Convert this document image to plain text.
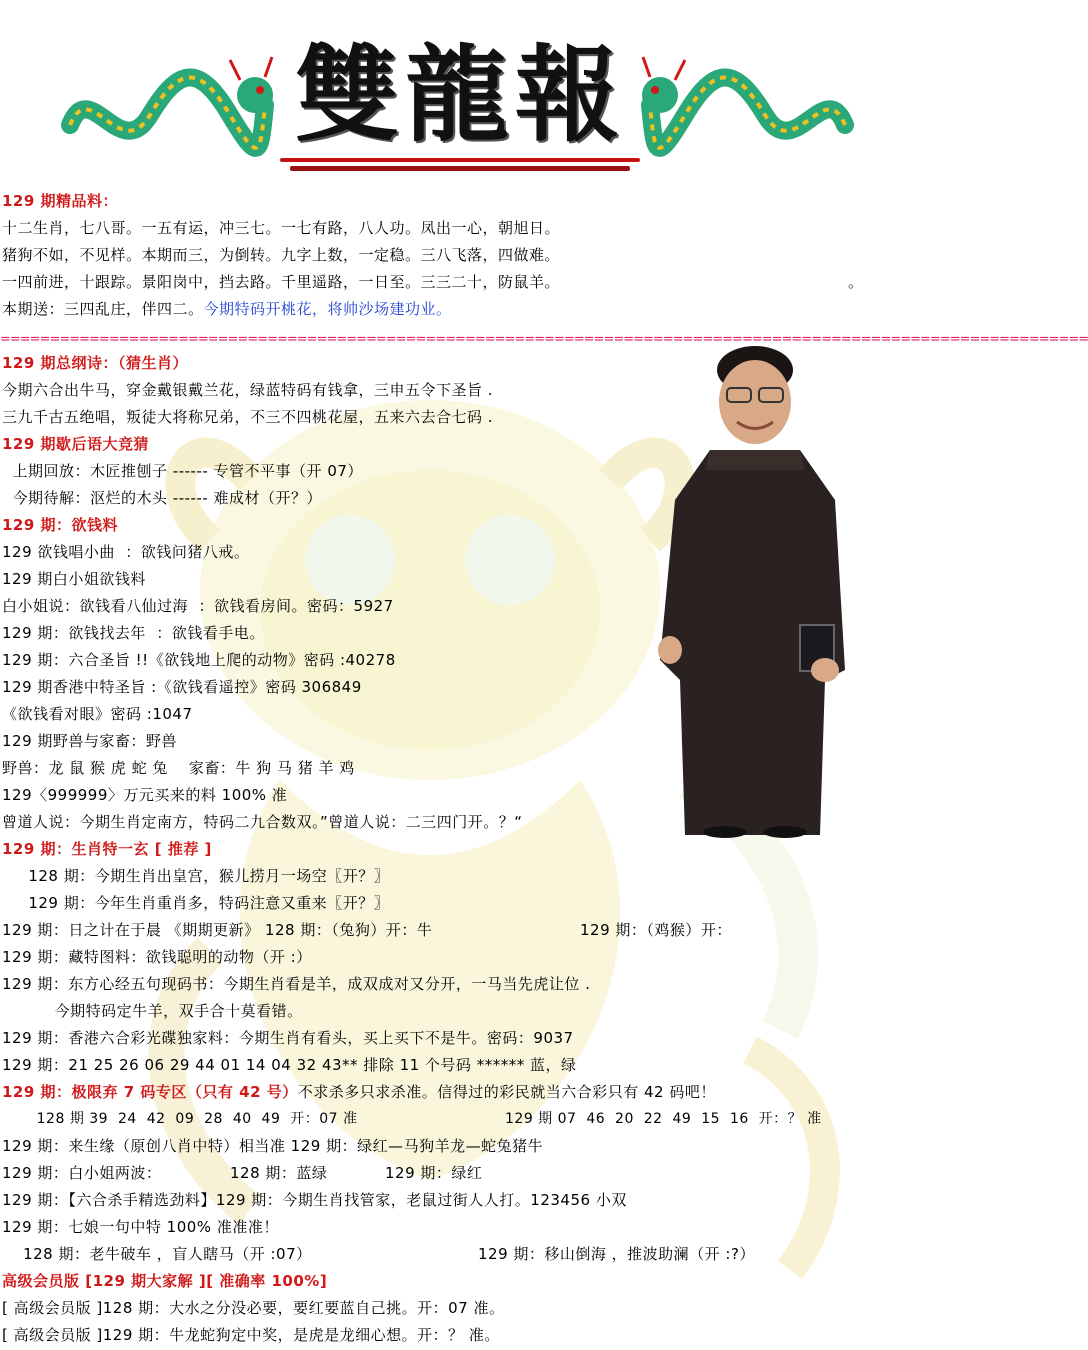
雙龍報
129 期精品料：
十二生肖，七八哥。一五有运，冲三七。一七有路，八人功。凤出一心，朝旭日。
猪狗不如，不见样。本期而三，为倒转。九字上数，一定稳。三八飞落，四做难。
一四前进，十跟踪。景阳岗中，挡去路。千里遥路，一日至。三三二十，防鼠羊。	。
本期送：三四乱庄，伴四二。今期特码开桃花，将帅沙场建功业。
==============================================================================================================
129 期总纲诗：（猜生肖）
今期六合出牛马，穿金戴银戴兰花，绿蓝特码有钱拿，三申五令下圣旨 .
三九千古五绝唱，叛徒大将称兄弟，不三不四桃花屋，五来六去合七码 .
129 期歇后语大竞猜
上期回放：木匠推刨子 ------ 专管不平事（开 07）
今期待解：沤烂的木头 ------ 难成材（开？）
129 期：欲钱料
129 欲钱唱小曲  ：欲钱问猪八戒。
129 期白小姐欲钱料
白小姐说：欲钱看八仙过海  ：欲钱看房间。密码：5927
129 期：欲钱找去年  ：欲钱看手电。
129 期：六合圣旨 !!《欲钱地上爬的动物》密码 :40278
129 期香港中特圣旨 :《欲钱看遥控》密码 306849
《欲钱看对眼》密码 :1047
129 期野兽与家畜：野兽
野兽：龙 鼠 猴 虎 蛇 兔    家畜：牛 狗 马 猪 羊 鸡
129〈999999〉万元买来的料 100% 准
曾道人说：今期生肖定南方，特码二九合数双。”曾道人说：二三四门开。？“
129 期：生肖特一玄 [ 推荐 ]
128 期：今期生肖出皇宫，猴儿捞月一场空〖开？〗
129 期：今年生肖重肖多，特码注意又重来〖开？〗
129 期：日之计在于晨 《期期更新》 128 期：（兔狗）开：牛	129 期：（鸡猴）开：
129 期：藏特图料：欲钱聪明的动物（开 :）
129 期：东方心经五句现码书：今期生肖看是羊，成双成对又分开，一马当先虎让位 .
今期特码定牛羊，双手合十莫看错。
129 期：香港六合彩光碟独家料：今期生肖有看头，买上买下不是牛。密码：9037
129 期：21 25 26 06 29 44 01 14 04 32 43** 排除 11 个号码 ****** 蓝，绿
129 期：极限弃 7 码专区（只有 42 号）不求杀多只求杀准。信得过的彩民就当六合彩只有 42 码吧！
128 期 39  24  42  09  28  40  49  开：07 准	129 期 07  46  20  22  49  15  16  开：？ 准
129 期：来生缘（原创八肖中特）相当准 129 期：绿红—马狗羊龙—蛇兔猪牛
129 期：白小姐两波：	128 期：蓝绿	129 期：绿红
129 期：【六合杀手精选劲料】129 期：今期生肖找管家，老鼠过街人人打。123456 小双
129 期：七娘一句中特 100% 准准准！
128 期：老牛破车 ，盲人瞎马（开 :07）	129 期：移山倒海 ，推波助澜（开 :?）
高级会员版 [129 期大家解 ][ 准确率 100%]
[ 高级会员版 ]128 期：大水之分没必要，要红要蓝自己挑。开：07 准。
[ 高级会员版 ]129 期：牛龙蛇狗定中奖，是虎是龙细心想。开：？ 准。
